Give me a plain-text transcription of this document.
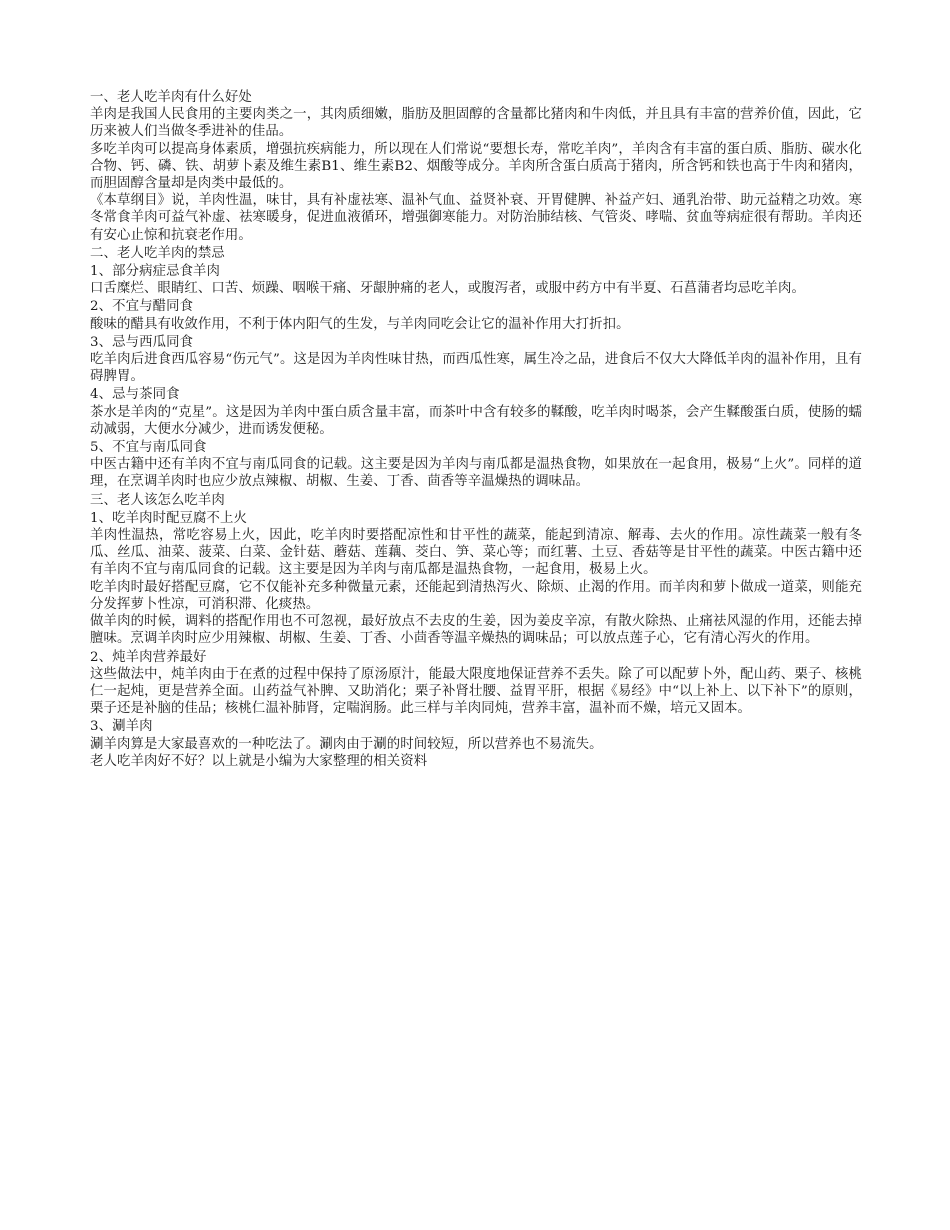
一、老人吃羊肉有什么好处

羊肉是我国人民食用的主要肉类之一，其肉质细嫩，脂肪及胆固醇的含量都比猪肉和牛肉低，并且具有丰富的营养价值，因此，它历来被人们当做冬季进补的佳品。

多吃羊肉可以提高身体素质，增强抗疾病能力，所以现在人们常说“要想长寿，常吃羊肉”，羊肉含有丰富的蛋白质、脂肪、碳水化合物、钙、磷、铁、胡萝卜素及维生素B1、维生素B2、烟酸等成分。羊肉所含蛋白质高于猪肉，所含钙和铁也高于牛肉和猪肉，而胆固醇含量却是肉类中最低的。

《本草纲目》说，羊肉性温，味甘，具有补虚祛寒、温补气血、益贤补衰、开胃健脾、补益产妇、通乳治带、助元益精之功效。寒冬常食羊肉可益气补虚、祛寒暖身，促进血液循环，增强御寒能力。对防治肺结核、气管炎、哮喘、贫血等病症很有帮助。羊肉还有安心止惊和抗衰老作用。

二、老人吃羊肉的禁忌

1、部分病症忌食羊肉

口舌糜烂、眼睛红、口苦、烦躁、咽喉干痛、牙龈肿痛的老人，或腹泻者，或服中药方中有半夏、石菖蒲者均忌吃羊肉。

2、不宜与醋同食

酸味的醋具有收敛作用，不利于体内阳气的生发，与羊肉同吃会让它的温补作用大打折扣。

3、忌与西瓜同食

吃羊肉后进食西瓜容易“伤元气”。这是因为羊肉性味甘热，而西瓜性寒，属生冷之品，进食后不仅大大降低羊肉的温补作用，且有碍脾胃。

4、忌与茶同食

茶水是羊肉的“克星”。这是因为羊肉中蛋白质含量丰富，而茶叶中含有较多的鞣酸，吃羊肉时喝茶，会产生鞣酸蛋白质，使肠的蠕动减弱，大便水分减少，进而诱发便秘。

5、不宜与南瓜同食

中医古籍中还有羊肉不宜与南瓜同食的记载。这主要是因为羊肉与南瓜都是温热食物，如果放在一起食用，极易“上火”。同样的道理，在烹调羊肉时也应少放点辣椒、胡椒、生姜、丁香、茴香等辛温燥热的调味品。

三、老人该怎么吃羊肉

1、吃羊肉时配豆腐不上火

羊肉性温热，常吃容易上火，因此，吃羊肉时要搭配凉性和甘平性的蔬菜，能起到清凉、解毒、去火的作用。凉性蔬菜一般有冬瓜、丝瓜、油菜、菠菜、白菜、金针菇、蘑菇、莲藕、茭白、笋、菜心等；而红薯、土豆、香菇等是甘平性的蔬菜。中医古籍中还有羊肉不宜与南瓜同食的记载。这主要是因为羊肉与南瓜都是温热食物，一起食用，极易上火。

吃羊肉时最好搭配豆腐，它不仅能补充多种微量元素，还能起到清热泻火、除烦、止渴的作用。而羊肉和萝卜做成一道菜，则能充分发挥萝卜性凉，可消积滞、化痰热。

做羊肉的时候，调料的搭配作用也不可忽视，最好放点不去皮的生姜，因为姜皮辛凉，有散火除热、止痛祛风湿的作用，还能去掉膻味。烹调羊肉时应少用辣椒、胡椒、生姜、丁香、小茴香等温辛燥热的调味品；可以放点莲子心，它有清心泻火的作用。

2、炖羊肉营养最好

这些做法中，炖羊肉由于在煮的过程中保持了原汤原汁，能最大限度地保证营养不丢失。除了可以配萝卜外，配山药、栗子、核桃仁一起炖，更是营养全面。山药益气补脾、又助消化；栗子补肾壮腰、益胃平肝，根据《易经》中“以上补上、以下补下”的原则，栗子还是补脑的佳品；核桃仁温补肺肾，定喘润肠。此三样与羊肉同炖，营养丰富，温补而不燥，培元又固本。

3、涮羊肉

涮羊肉算是大家最喜欢的一种吃法了。涮肉由于涮的时间较短，所以营养也不易流失。

老人吃羊肉好不好？以上就是小编为大家整理的相关资料
